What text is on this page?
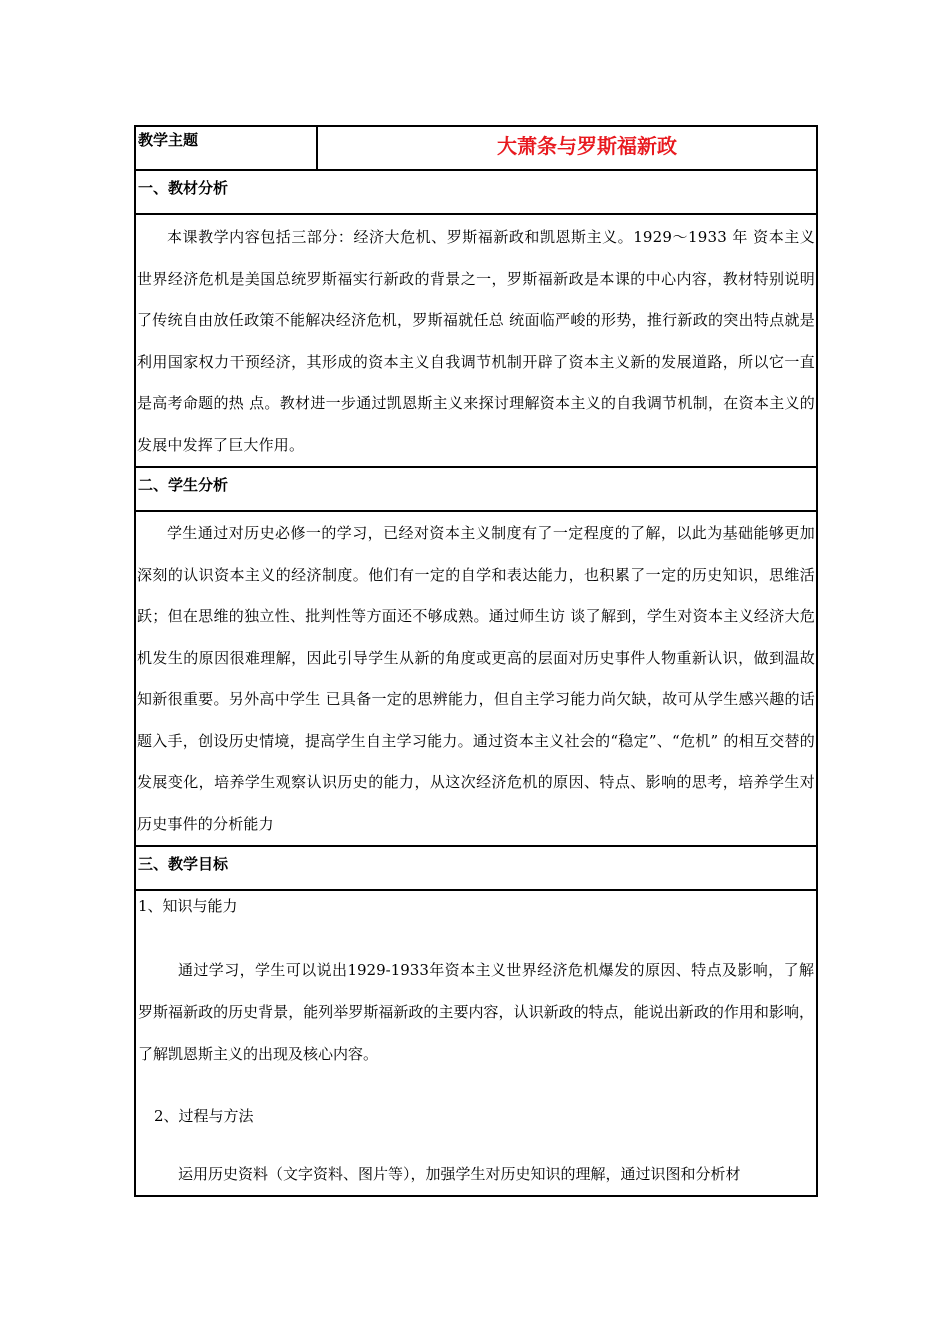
教学主题	大萧条与罗斯福新政
一、教材分析

本课教学内容包括三部分：经济大危机、罗斯福新政和凯恩斯主义。1929～1933 年 资本主义世界经济危机是美国总统罗斯福实行新政的背景之一，罗斯福新政是本课的中心内容，教材特别说明了传统自由放任政策不能解决经济危机，罗斯福就任总 统面临严峻的形势，推行新政的突出特点就是利用国家权力干预经济，其形成的资本主义自我调节机制开辟了资本主义新的发展道路，所以它一直是高考命题的热 点。教材进一步通过凯恩斯主义来探讨理解资本主义的自我调节机制，在资本主义的发展中发挥了巨大作用。

二、学生分析

学生通过对历史必修一的学习，已经对资本主义制度有了一定程度的了解，以此为基础能够更加 深刻的认识资本主义的经济制度。他们有一定的自学和表达能力，也积累了一定的历史知识，思维活跃；但在思维的独立性、批判性等方面还不够成熟。通过师生访 谈了解到，学生对资本主义经济大危机发生的原因很难理解，因此引导学生从新的角度或更高的层面对历史事件人物重新认识，做到温故知新很重要。另外高中学生 已具备一定的思辨能力，但自主学习能力尚欠缺，故可从学生感兴趣的话题入手，创设历史情境，提高学生自主学习能力。通过资本主义社会的“稳定”、“危机” 的相互交替的发展变化，培养学生观察认识历史的能力，从这次经济危机的原因、特点、影响的思考，培养学生对历史事件的分析能力

三、教学目标

1、知识与能力

通过学习，学生可以说出1929-1933年资本主义世界经济危机爆发的原因、特点及影响，了解罗斯福新政的历史背景，能列举罗斯福新政的主要内容，认识新政的特点，能说出新政的作用和影响，了解凯恩斯主义的出现及核心内容。

2、过程与方法

运用历史资料（文字资料、图片等），加强学生对历史知识的理解，通过识图和分析材
